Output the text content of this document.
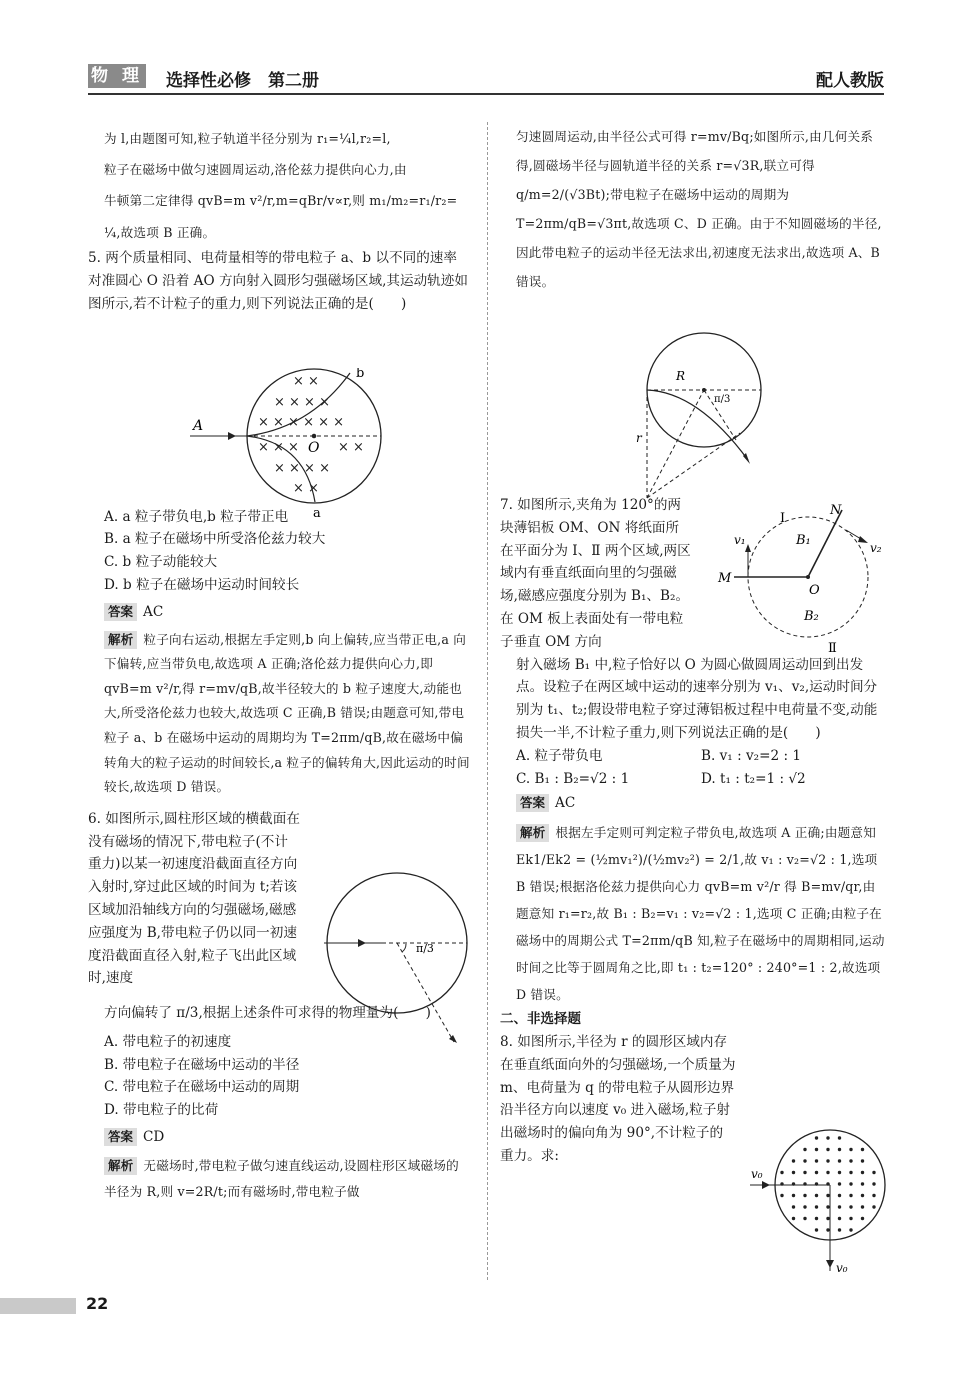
物 理 选择性必修　第二册	配人教版

为 l,由题图可知,粒子轨道半径分别为 r₁=¼l,r₂=l,

粒子在磁场中做匀速圆周运动,洛伦兹力提供向心力,由

牛顿第二定律得 qvB=m v²/r,m=qBr/v∝r,则 m₁/m₂=r₁/r₂=

¼,故选项 B 正确。

5. 两个质量相同、电荷量相等的带电粒子 a、b 以不同的速率对准圆心 O 沿着 AO 方向射入圆形匀强磁场区域,其运动轨迹如图所示,若不计粒子的重力,则下列说法正确的是(　　)

A. a 粒子带负电,b 粒子带正电

B. a 粒子在磁场中所受洛伦兹力较大

C. b 粒子动能较大

D. b 粒子在磁场中运动时间较长

答案 AC

解析 粒子向右运动,根据左手定则,b 向上偏转,应当带正电,a 向下偏转,应当带负电,故选项 A 正确;洛伦兹力提供向心力,即 qvB=m v²/r,得 r=mv/qB,故半径较大的 b 粒子速度大,动能也大,所受洛伦兹力也较大,故选项 C 正确,B 错误;由题意可知,带电粒子 a、b 在磁场中运动的周期均为 T=2πm/qB,故在磁场中偏转角大的粒子运动的时间较长,a 粒子的偏转角大,因此运动的时间较长,故选项 D 错误。

6. 如图所示,圆柱形区域的横截面在没有磁场的情况下,带电粒子(不计重力)以某一初速度沿截面直径方向入射时,穿过此区域的时间为 t;若该区域加沿轴线方向的匀强磁场,磁感应强度为 B,带电粒子仍以同一初速度沿截面直径入射,粒子飞出此区域时,速度

方向偏转了 π/3,根据上述条件可求得的物理量为(　　)

A. 带电粒子的初速度

B. 带电粒子在磁场中运动的半径

C. 带电粒子在磁场中运动的周期

D. 带电粒子的比荷

答案 CD

解析 无磁场时,带电粒子做匀速直线运动,设圆柱形区域磁场的半径为 R,则 v=2R/t;而有磁场时,带电粒子做

× ×
× × × ×
× × × × × ×
× × ×	× ×
× × × ×
× ×
A
O
b
a
π/3

匀速圆周运动,由半径公式可得 r=mv/Bq;如图所示,由几何关系得,圆磁场半径与圆轨道半径的关系 r=√3R,联立可得 q/m=2/(√3Bt);带电粒子在磁场中运动的周期为 T=2πm/qB=√3πt,故选项 C、D 正确。由于不知圆磁场的半径,因此带电粒子的运动半径无法求出,初速度无法求出,故选项 A、B 错误。

7. 如图所示,夹角为 120°的两块薄铝板 OM、ON 将纸面所在平面分为 Ⅰ、Ⅱ 两个区域,两区域内有垂直纸面向里的匀强磁场,磁感应强度分别为 B₁、B₂。在 OM 板上表面处有一带电粒子垂直 OM 方向

射入磁场 B₁ 中,粒子恰好以 O 为圆心做圆周运动回到出发点。设粒子在两区域中运动的速率分别为 v₁、v₂,运动时间分别为 t₁、t₂;假设带电粒子穿过薄铝板过程中电荷量不变,动能损失一半,不计粒子重力,则下列说法正确的是(　　)

A. 粒子带负电	B. v₁ : v₂=2 : 1

C. B₁ : B₂=√2 : 1	D. t₁ : t₂=1 : √2

答案 AC

解析 根据左手定则可判定粒子带负电,故选项 A 正确;由题意知 Ek1/Ek2 = (½mv₁²)/(½mv₂²) = 2/1,故 v₁ : v₂=√2 : 1,选项 B 错误;根据洛伦兹力提供向心力 qvB=m v²/r 得 B=mv/qr,由题意知 r₁=r₂,故 B₁ : B₂=v₁ : v₂=√2 : 1,选项 C 正确;由粒子在磁场中的周期公式 T=2πm/qB 知,粒子在磁场中的周期相同,运动时间之比等于圆周角之比,即 t₁ : t₂=120° : 240°=1 : 2,故选项 D 错误。

二、非选择题

8. 如图所示,半径为 r 的圆形区域内存在垂直纸面向外的匀强磁场,一个质量为 m、电荷量为 q 的带电粒子从圆形边界沿半径方向以速度 v₀ 进入磁场,粒子射出磁场时的偏向角为 90°,不计粒子的重力。求:

R
r
π/3
Ⅰ
N
M
O
B₁
B₂
Ⅱ
v₁
v₂
v₀
v₀
22
